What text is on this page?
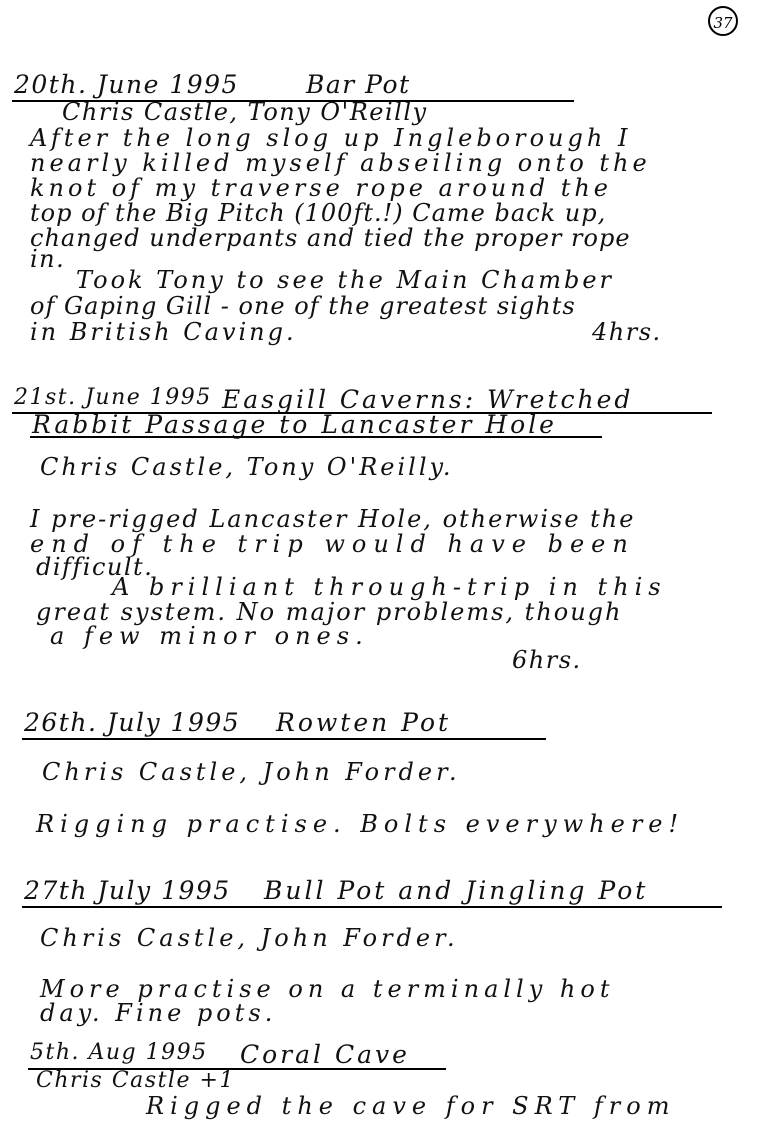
37
20th. June 1995	Bar Pot
Chris Castle, Tony O'Reilly
After the long slog up Ingleborough I
nearly killed myself abseiling onto the
knot of my traverse rope around the
top of the Big Pitch (100ft.!) Came back up,
changed underpants and tied the proper rope
in.
Took Tony to see the Main Chamber
of Gaping Gill - one of the greatest sights
in British Caving.	4hrs.
21st. June 1995 Easgill Caverns: Wretched
Rabbit Passage to Lancaster Hole
Chris Castle, Tony O'Reilly.
I pre-rigged Lancaster Hole, otherwise the
end of the trip would have been
difficult.
A brilliant through-trip in this
great system. No major problems, though
a few minor ones.
6hrs.
26th. July 1995 Rowten Pot
Chris Castle, John Forder.
Rigging practise. Bolts everywhere!
27th July 1995 Bull Pot and Jingling Pot
Chris Castle, John Forder.
More practise on a terminally hot
day. Fine pots.
5th. Aug 1995 Coral Cave
Chris Castle +1
Rigged the cave for SRT from
